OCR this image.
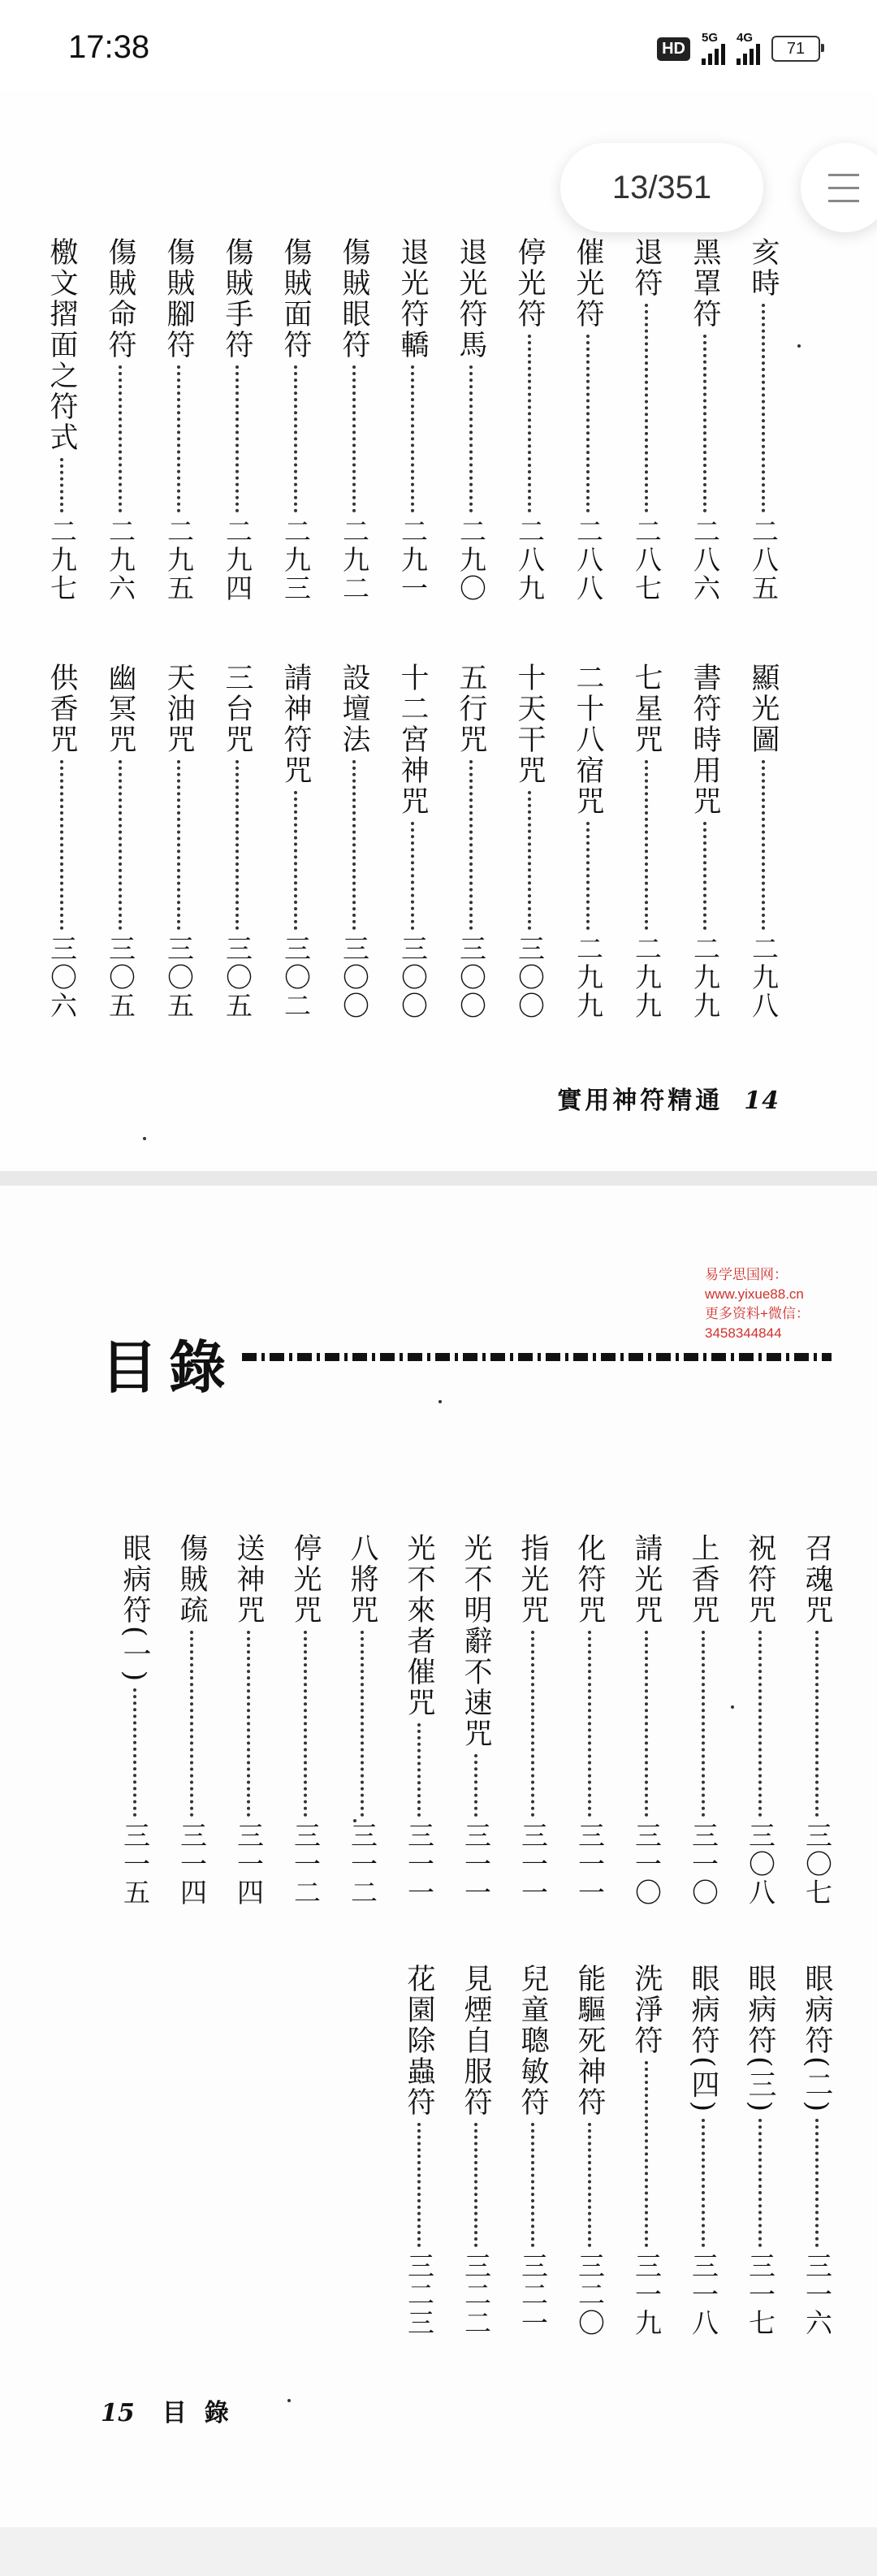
17:38	HD
5G 4G
71
13/351
亥時
二八五
黑罩符
二八六
退符
二八七
催光符
二八八
停光符
二八九
退光符馬
二九〇
退光符轎
二九一
傷賊眼符
二九二
傷賊面符
二九三
傷賊手符
二九四
傷賊腳符
二九五
傷賊命符
二九六
檄文摺面之符式
二九七
顯光圖
二九八
書符時用咒
二九九
七星咒
二九九
二十八宿咒
二九九
十天干咒
三〇〇
五行咒
三〇〇
十二宮神咒
三〇〇
設壇法
三〇〇
請神符咒
三〇二
三台咒
三〇五
天油咒
三〇五
幽冥咒
三〇五
供香咒
三〇六
實用神符精通 14
易学思国网：www.yixue88.cn
更多资料+微信：3458344844
目錄
召魂咒
三〇七
祝符咒
三〇八
上香咒
三一〇
請光咒
三一〇
化符咒
三一一
指光咒
三一一
光不明辭不速咒
三一一
光不來者催咒
三一一
八將咒
三一二
停光咒
三一二
送神咒
三一四
傷賊疏
三一四
眼病符(一)
三一五
眼病符(二)
三一六
眼病符(三)
三一七
眼病符(四)
三一八
洗淨符
三一九
能驅死神符
三二〇
兒童聰敏符
三二一
見煙自服符
三二二
花園除蟲符
三二三
15 目錄
